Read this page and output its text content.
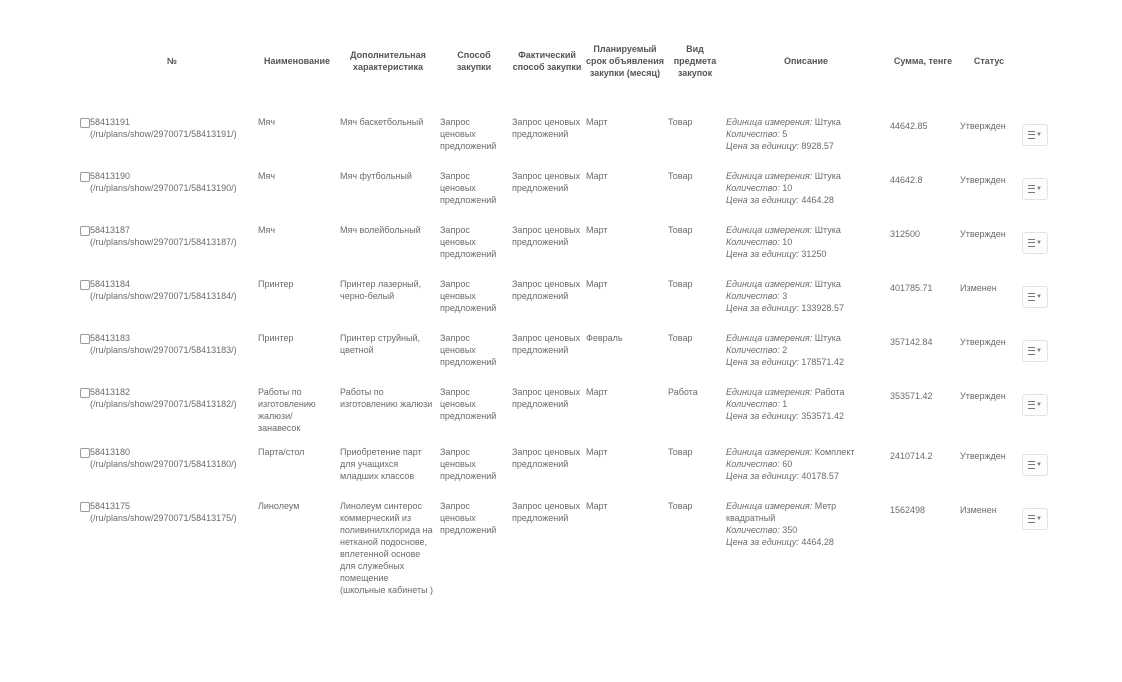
	№	Наименование	Дополнительная характеристика	Способ закупки	Фактический способ закупки	Планируемый срок объявления закупки (месяц)	Вид предмета закупок	Описание	Сумма, тенге	Статус	

	58413191
(/ru/plans/show/2970071/58413191/)	Мяч	Мяч баскетбольный	Запрос ценовых предложений	Запрос ценовых предложений	Март	Товар	Единица измерения: Штука
Количество: 5
Цена за единицу: 8928.57	44642.85	Утвержден	▼

	58413190
(/ru/plans/show/2970071/58413190/)	Мяч	Мяч футбольный	Запрос ценовых предложений	Запрос ценовых предложений	Март	Товар	Единица измерения: Штука
Количество: 10
Цена за единицу: 4464.28	44642.8	Утвержден	▼

	58413187
(/ru/plans/show/2970071/58413187/)	Мяч	Мяч волейбольный	Запрос ценовых предложений	Запрос ценовых предложений	Март	Товар	Единица измерения: Штука
Количество: 10
Цена за единицу: 31250	312500	Утвержден	▼

	58413184
(/ru/plans/show/2970071/58413184/)	Принтер	Принтер лазерный, черно-белый	Запрос ценовых предложений	Запрос ценовых предложений	Март	Товар	Единица измерения: Штука
Количество: 3
Цена за единицу: 133928.57	401785.71	Изменен	▼

	58413183
(/ru/plans/show/2970071/58413183/)	Принтер	Принтер струйный, цветной	Запрос ценовых предложений	Запрос ценовых предложений	Февраль	Товар	Единица измерения: Штука
Количество: 2
Цена за единицу: 178571.42	357142.84	Утвержден	▼

	58413182
(/ru/plans/show/2970071/58413182/)	Работы по изготовлению жалюзи/ занавесок	Работы по изготовлению жалюзи	Запрос ценовых предложений	Запрос ценовых предложений	Март	Работа	Единица измерения: Работа
Количество: 1
Цена за единицу: 353571.42	353571.42	Утвержден	▼

	58413180
(/ru/plans/show/2970071/58413180/)	Парта/стол	Приобретение парт для учащихся младших классов	Запрос ценовых предложений	Запрос ценовых предложений	Март	Товар	Единица измерения: Комплект
Количество: 60
Цена за единицу: 40178.57	2410714.2	Утвержден	▼

	58413175
(/ru/plans/show/2970071/58413175/)	Линолеум	Линолеум синтерос коммерческий из поливинилхлорида на нетканой подоснове, вплетенной основе для служебных помещение (школьные кабинеты )	Запрос ценовых предложений	Запрос ценовых предложений	Март	Товар	Единица измерения: Метр квадратный
Количество: 350
Цена за единицу: 4464.28	1562498	Изменен	▼
